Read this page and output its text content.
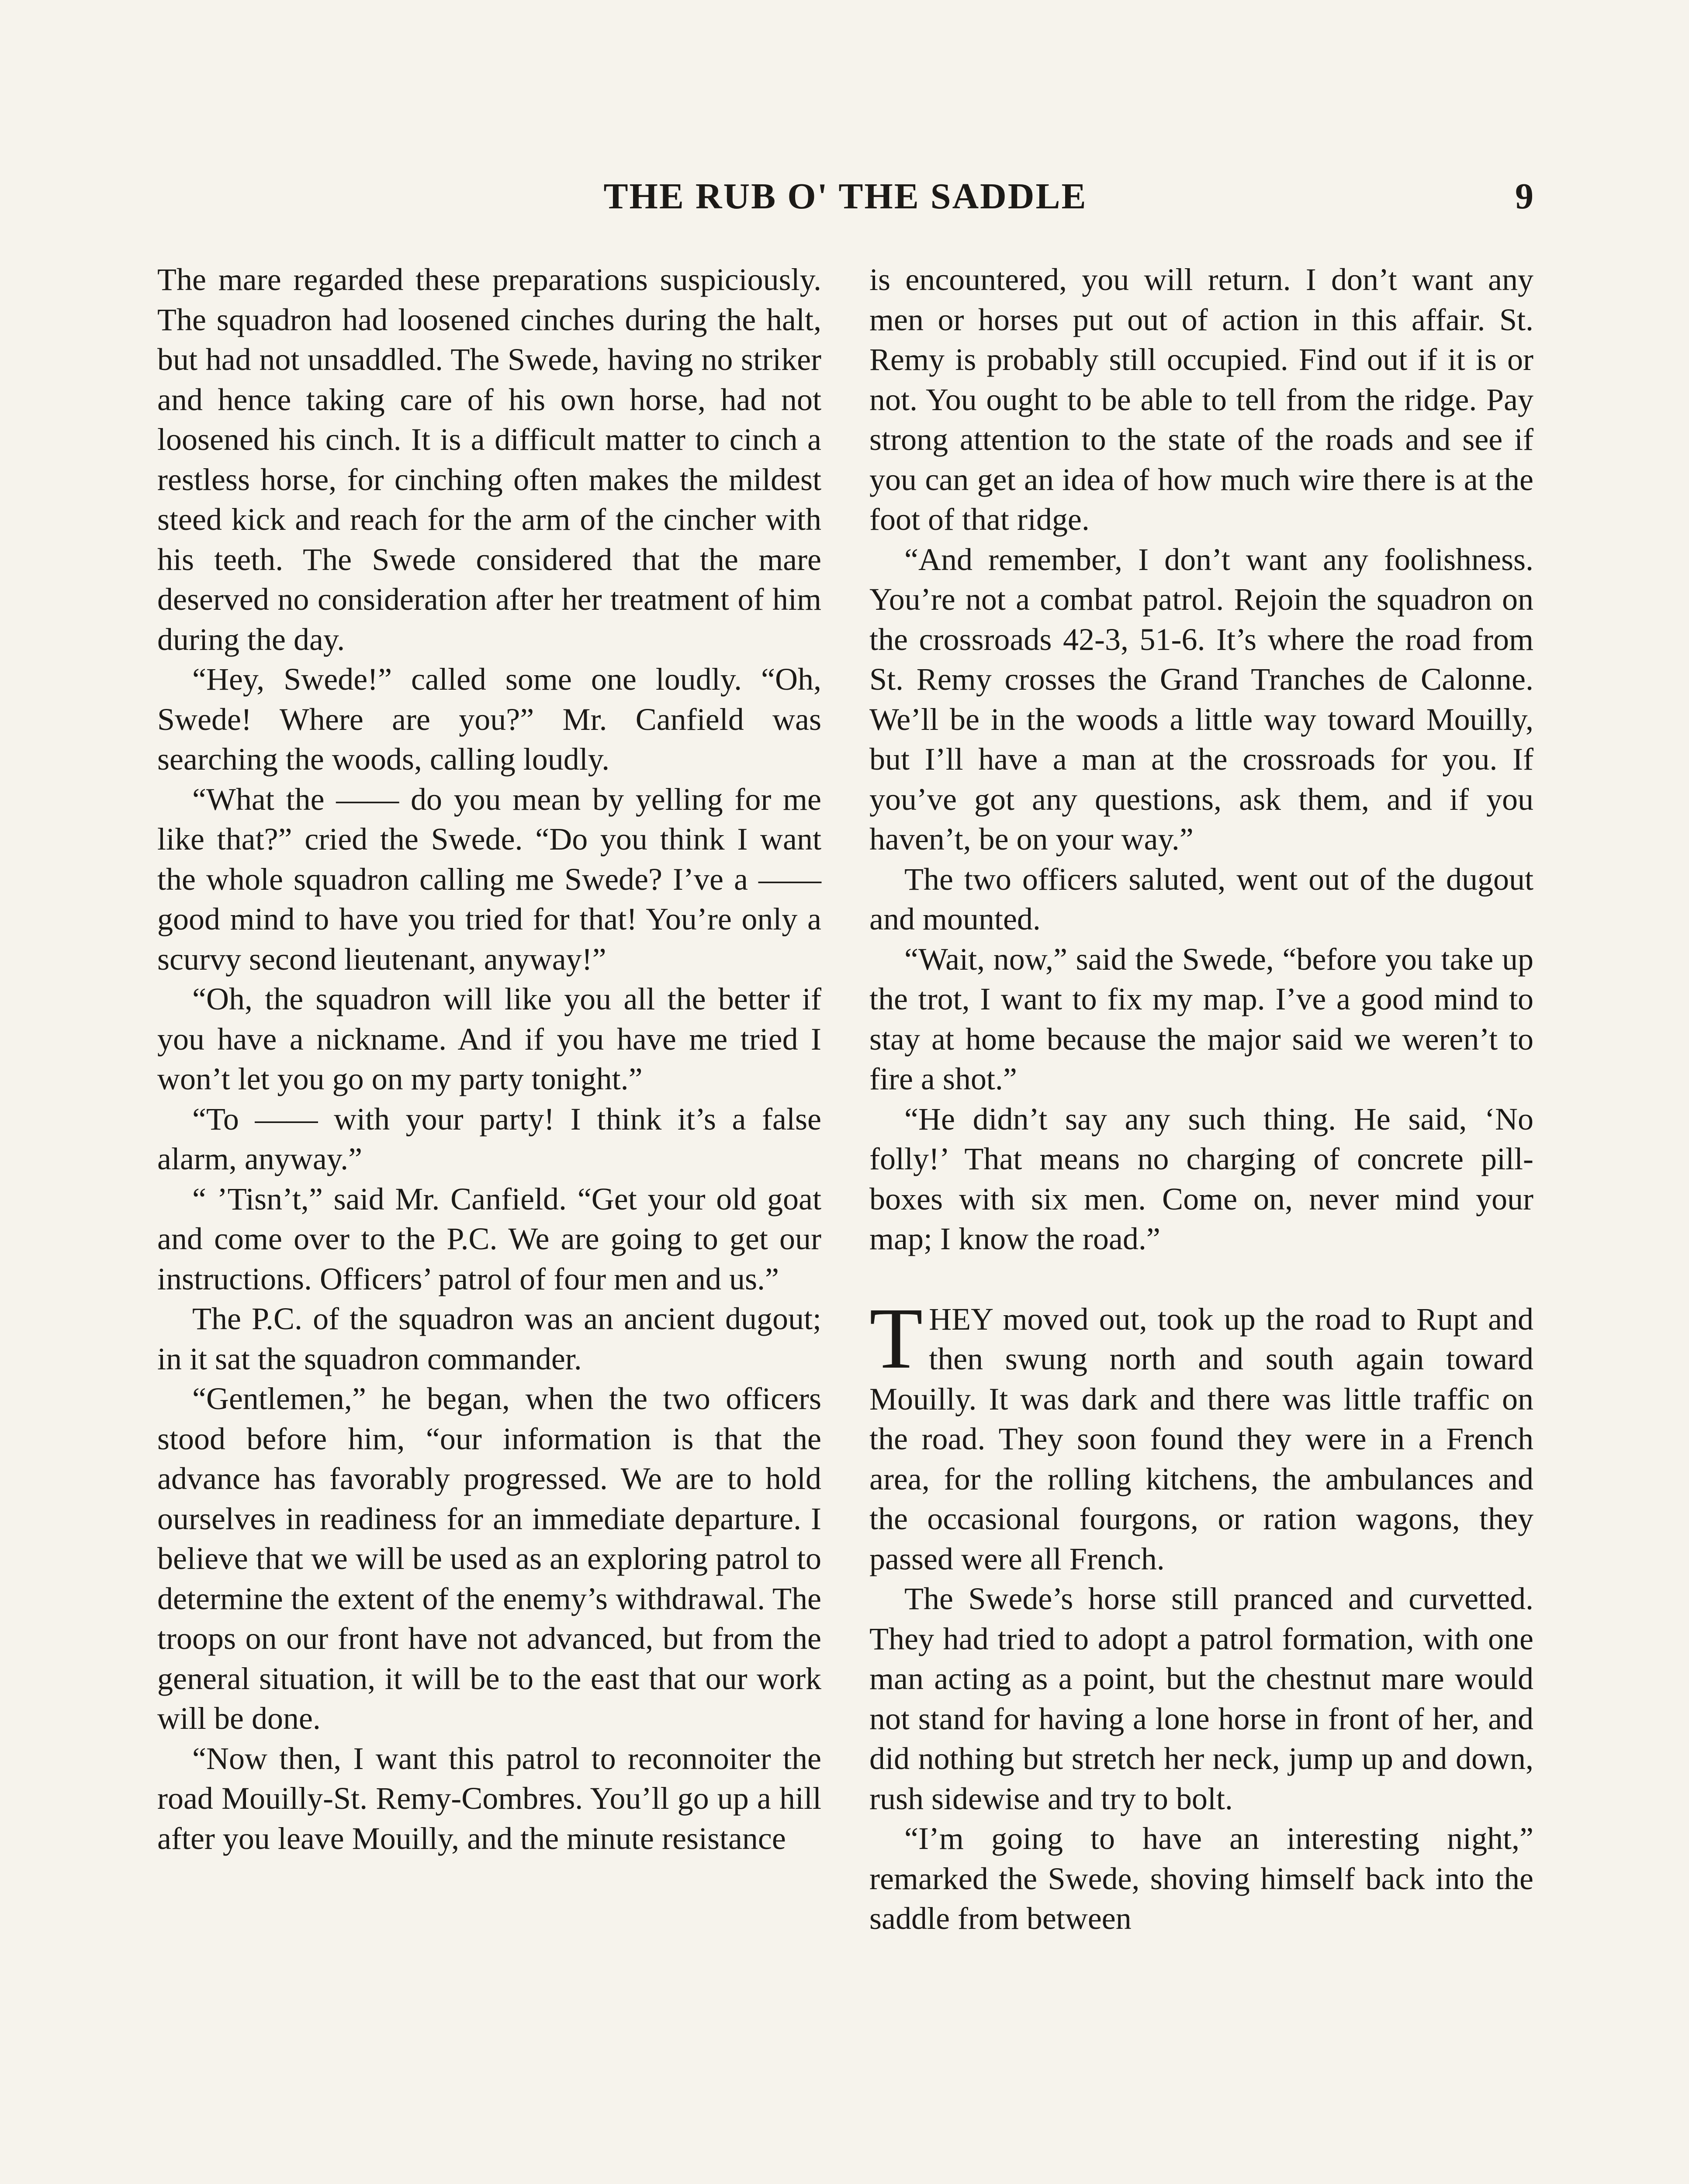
THE RUB O' THE SADDLE	9

The mare regarded these preparations suspiciously. The squadron had loosened cinches during the halt, but had not unsaddled. The Swede, having no striker and hence taking care of his own horse, had not loosened his cinch. It is a difficult matter to cinch a restless horse, for cinching often makes the mildest steed kick and reach for the arm of the cincher with his teeth. The Swede considered that the mare deserved no consideration after her treatment of him during the day.

“Hey, Swede!” called some one loudly. “Oh, Swede! Where are you?” Mr. Canfield was searching the woods, calling loudly.

“What the —— do you mean by yelling for me like that?” cried the Swede. “Do you think I want the whole squadron calling me Swede? I’ve a —— good mind to have you tried for that! You’re only a scurvy second lieutenant, anyway!”

“Oh, the squadron will like you all the better if you have a nickname. And if you have me tried I won’t let you go on my party tonight.”

“To —— with your party! I think it’s a false alarm, anyway.”

“ ’Tisn’t,” said Mr. Canfield. “Get your old goat and come over to the P.C. We are going to get our instructions. Officers’ patrol of four men and us.”

The P.C. of the squadron was an ancient dugout; in it sat the squadron commander.

“Gentlemen,” he began, when the two officers stood before him, “our information is that the advance has favorably progressed. We are to hold ourselves in readiness for an immediate departure. I believe that we will be used as an exploring patrol to determine the extent of the enemy’s withdrawal. The troops on our front have not advanced, but from the general situation, it will be to the east that our work will be done.

“Now then, I want this patrol to reconnoiter the road Mouilly-St. Remy-Combres. You’ll go up a hill after you leave Mouilly, and the minute resistance

is encountered, you will return. I don’t want any men or horses put out of action in this affair. St. Remy is probably still occupied. Find out if it is or not. You ought to be able to tell from the ridge. Pay strong attention to the state of the roads and see if you can get an idea of how much wire there is at the foot of that ridge.

“And remember, I don’t want any foolishness. You’re not a combat patrol. Rejoin the squadron on the crossroads 42-3, 51-6. It’s where the road from St. Remy crosses the Grand Tranches de Calonne. We’ll be in the woods a little way toward Mouilly, but I’ll have a man at the crossroads for you. If you’ve got any questions, ask them, and if you haven’t, be on your way.”

The two officers saluted, went out of the dugout and mounted.

“Wait, now,” said the Swede, “before you take up the trot, I want to fix my map. I’ve a good mind to stay at home because the major said we weren’t to fire a shot.”

“He didn’t say any such thing. He said, ‘No folly!’ That means no charging of concrete pill-boxes with six men. Come on, never mind your map; I know the road.”

THEY moved out, took up the road to Rupt and then swung north and south again toward Mouilly. It was dark and there was little traffic on the road. They soon found they were in a French area, for the rolling kitchens, the ambulances and the occasional fourgons, or ration wagons, they passed were all French.

The Swede’s horse still pranced and curvetted. They had tried to adopt a patrol formation, with one man acting as a point, but the chestnut mare would not stand for having a lone horse in front of her, and did nothing but stretch her neck, jump up and down, rush sidewise and try to bolt.

“I’m going to have an interesting night,” remarked the Swede, shoving himself back into the saddle from between
